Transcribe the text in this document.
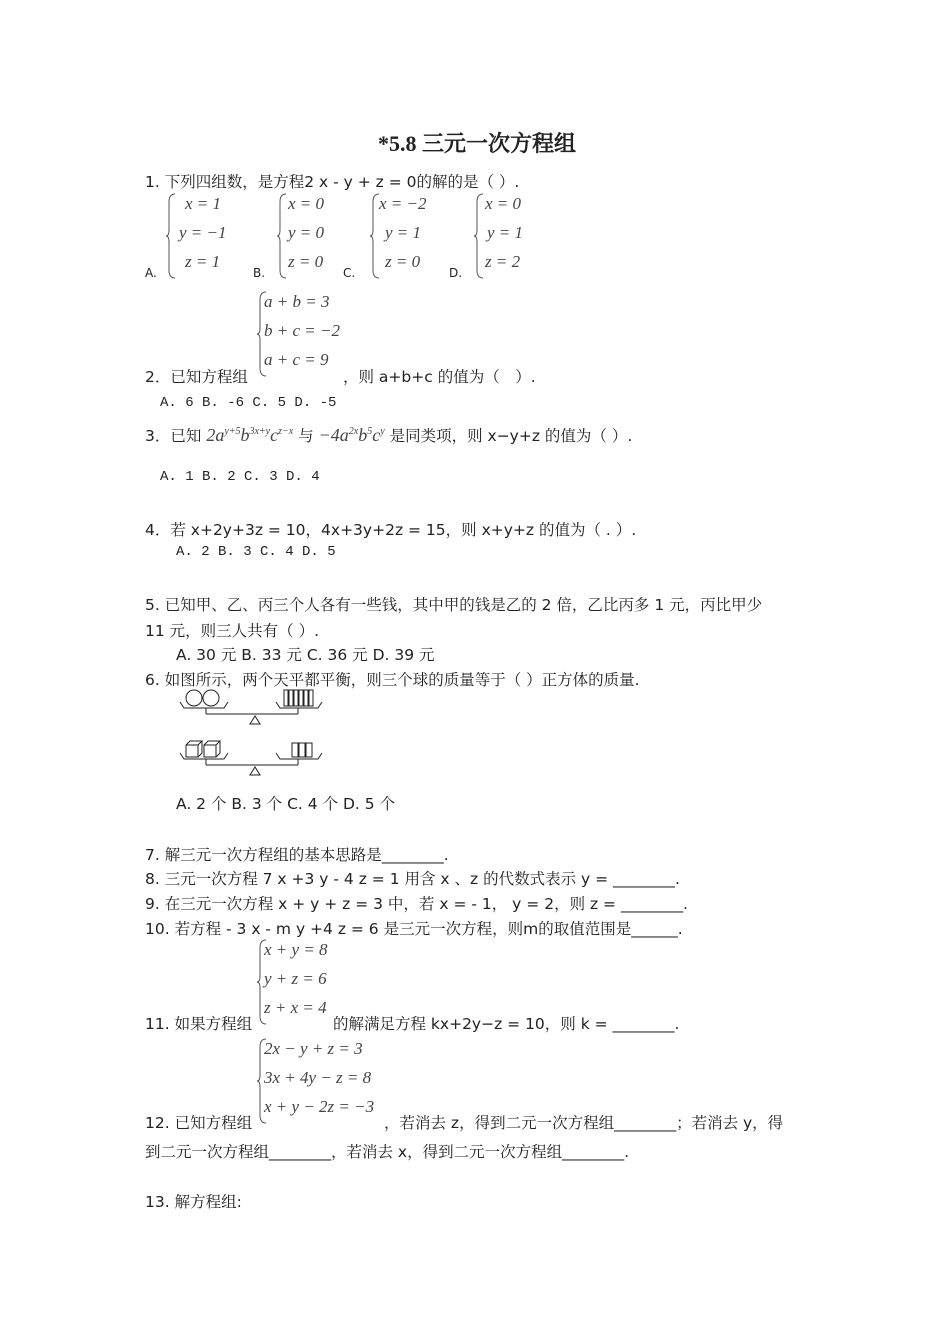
*5.8 三元一次方程组
1. 下列四组数，是方程2 x - y + z = 0的解的是（ ）.
A.
x = 1
y = −1
z = 1
B.
x = 0
y = 0
z = 0
C.
x = −2
y = 1
z = 0
D.
x = 0
y = 1
z = 2
2．已知方程组
a + b = 3
b + c = −2
a + c = 9
，则 a+b+c 的值为（　）.
A. 6 B. -6 C. 5 D. -5
3．已知 $2a^{y+5}b^{3x+y}c^{z-x}$ 与 $-4a^{2x}b^5c^y$ 是同类项，则 x−y+z 的值为（ ）.
A. 1 B. 2 C. 3 D. 4
4．若 x+2y+3z = 10，4x+3y+2z = 15，则 x+y+z 的值为（ . ）.
A. 2 B. 3 C. 4 D. 5
5. 已知甲、乙、丙三个人各有一些钱，其中甲的钱是乙的 2 倍，乙比丙多 1 元，丙比甲少
11 元，则三人共有（ ）.
A. 30 元 B. 33 元 C. 36 元 D. 39 元
6. 如图所示，两个天平都平衡，则三个球的质量等于（ ）正方体的质量.
A. 2 个 B. 3 个 C. 4 个 D. 5 个
7. 解三元一次方程组的基本思路是________.
8. 三元一次方程 7 x +3 y - 4 z = 1 用含 x 、z 的代数式表示 y = ________.
9. 在三元一次方程 x + y + z = 3 中，若 x = - 1， y = 2，则 z = ________.
10. 若方程 - 3 x - m y +4 z = 6 是三元一次方程，则m的取值范围是______.
11. 如果方程组
x + y = 8
y + z = 6
z + x = 4
的解满足方程 kx+2y−z = 10，则 k = ________.
12. 已知方程组
2x − y + z = 3
3x + 4y − z = 8
x + y − 2z = −3
，若消去 z，得到二元一次方程组________；若消去 y，得
到二元一次方程组________，若消去 x，得到二元一次方程组________.
13. 解方程组:
